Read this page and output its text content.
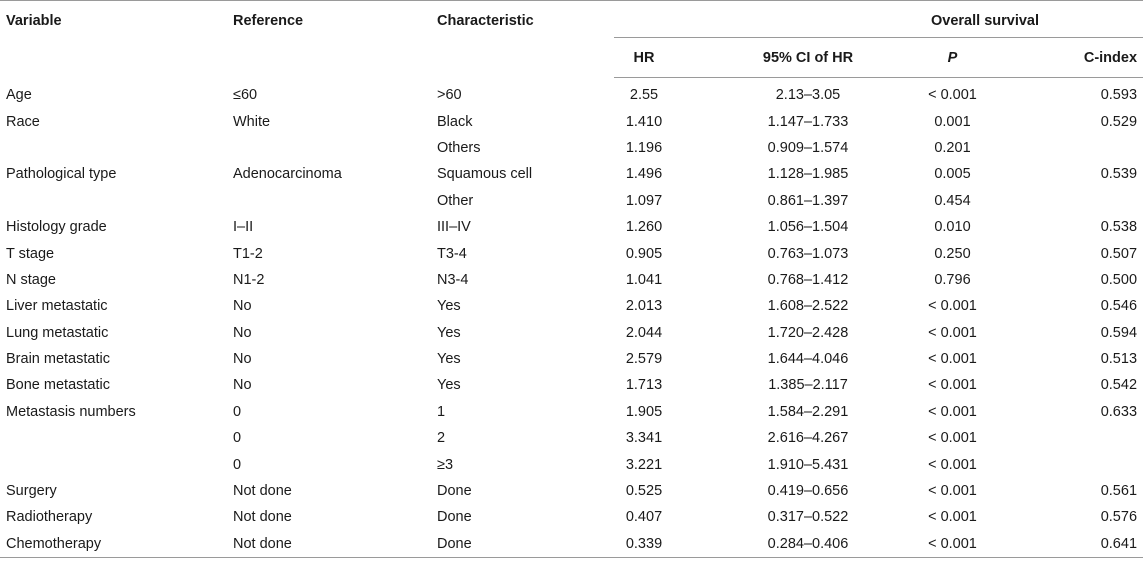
Variable	Reference	Characteristic	Overall survival			
			HR	95% CI of HR	P	C-index
Age	≤60	>60	2.55	2.13–3.05	< 0.001	0.593
Race	White	Black	1.410	1.147–1.733	0.001	0.529
		Others	1.196	0.909–1.574	0.201	
Pathological type	Adenocarcinoma	Squamous cell	1.496	1.128–1.985	0.005	0.539
		Other	1.097	0.861–1.397	0.454	
Histology grade	I–II	III–IV	1.260	1.056–1.504	0.010	0.538
T stage	T1-2	T3-4	0.905	0.763–1.073	0.250	0.507
N stage	N1-2	N3-4	1.041	0.768–1.412	0.796	0.500
Liver metastatic	No	Yes	2.013	1.608–2.522	< 0.001	0.546
Lung metastatic	No	Yes	2.044	1.720–2.428	< 0.001	0.594
Brain metastatic	No	Yes	2.579	1.644–4.046	< 0.001	0.513
Bone metastatic	No	Yes	1.713	1.385–2.117	< 0.001	0.542
Metastasis numbers	0	1	1.905	1.584–2.291	< 0.001	0.633
	0	2	3.341	2.616–4.267	< 0.001	
	0	≥3	3.221	1.910–5.431	< 0.001	
Surgery	Not done	Done	0.525	0.419–0.656	< 0.001	0.561
Radiotherapy	Not done	Done	0.407	0.317–0.522	< 0.001	0.576
Chemotherapy	Not done	Done	0.339	0.284–0.406	< 0.001	0.641
